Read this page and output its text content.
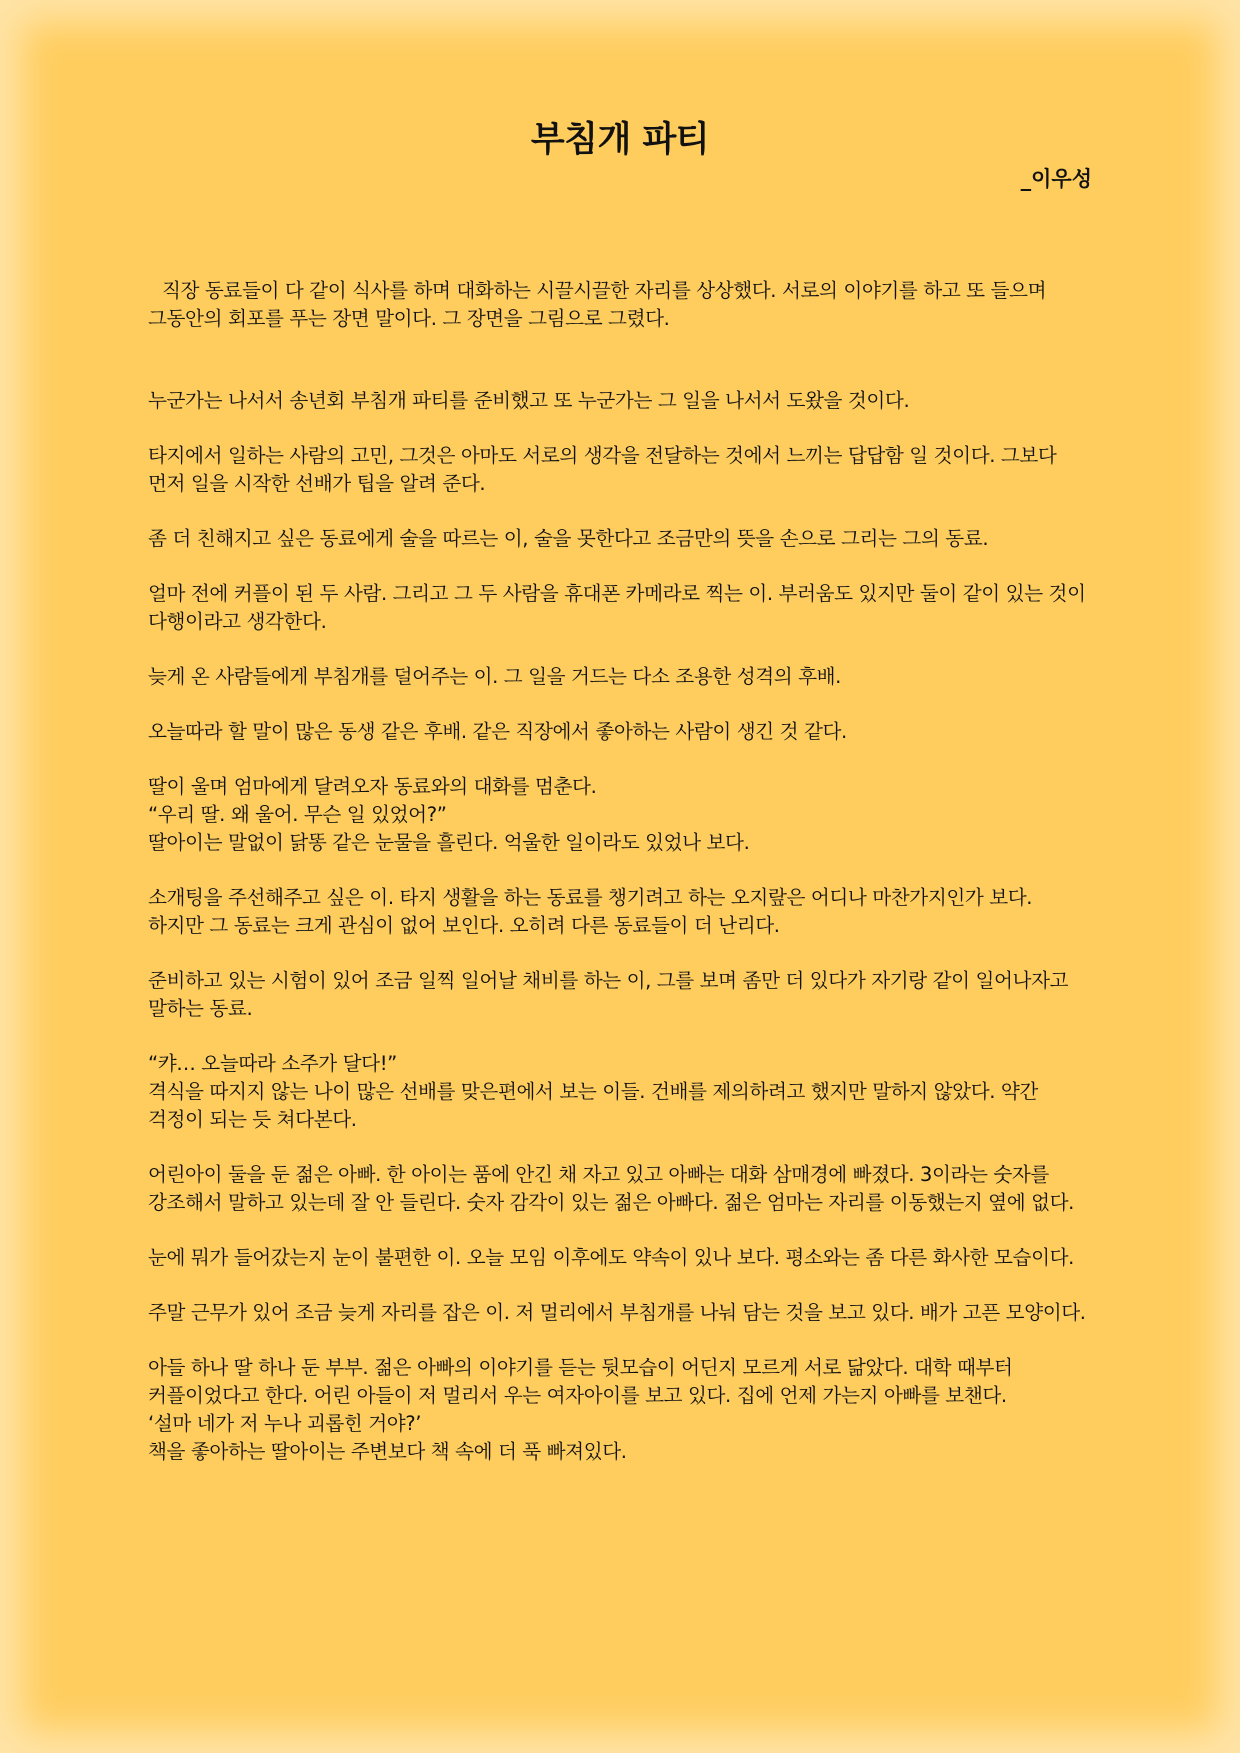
부침개 파티
_이우성

직장 동료들이 다 같이 식사를 하며 대화하는 시끌시끌한 자리를 상상했다. 서로의 이야기를 하고 또 들으며 그동안의 회포를 푸는 장면 말이다. 그 장면을 그림으로 그렸다.

누군가는 나서서 송년회 부침개 파티를 준비했고 또 누군가는 그 일을 나서서 도왔을 것이다.

타지에서 일하는 사람의 고민, 그것은 아마도 서로의 생각을 전달하는 것에서 느끼는 답답함 일 것이다. 그보다 먼저 일을 시작한 선배가 팁을 알려 준다.

좀 더 친해지고 싶은 동료에게 술을 따르는 이, 술을 못한다고 조금만의 뜻을 손으로 그리는 그의 동료.

얼마 전에 커플이 된 두 사람. 그리고 그 두 사람을 휴대폰 카메라로 찍는 이. 부러움도 있지만 둘이 같이 있는 것이 다행이라고 생각한다.

늦게 온 사람들에게 부침개를 덜어주는 이. 그 일을 거드는 다소 조용한 성격의 후배.

오늘따라 할 말이 많은 동생 같은 후배. 같은 직장에서 좋아하는 사람이 생긴 것 같다.

딸이 울며 엄마에게 달려오자 동료와의 대화를 멈춘다.
“우리 딸. 왜 울어. 무슨 일 있었어?”
딸아이는 말없이 닭똥 같은 눈물을 흘린다. 억울한 일이라도 있었나 보다.

소개팅을 주선해주고 싶은 이. 타지 생활을 하는 동료를 챙기려고 하는 오지랖은 어디나 마찬가지인가 보다. 하지만 그 동료는 크게 관심이 없어 보인다. 오히려 다른 동료들이 더 난리다.

준비하고 있는 시험이 있어 조금 일찍 일어날 채비를 하는 이, 그를 보며 좀만 더 있다가 자기랑 같이 일어나자고 말하는 동료.

“캬… 오늘따라 소주가 달다!”
격식을 따지지 않는 나이 많은 선배를 맞은편에서 보는 이들. 건배를 제의하려고 했지만 말하지 않았다. 약간 걱정이 되는 듯 쳐다본다.

어린아이 둘을 둔 젊은 아빠. 한 아이는 품에 안긴 채 자고 있고 아빠는 대화 삼매경에 빠졌다. 3이라는 숫자를 강조해서 말하고 있는데 잘 안 들린다. 숫자 감각이 있는 젊은 아빠다. 젊은 엄마는 자리를 이동했는지 옆에 없다.

눈에 뭐가 들어갔는지 눈이 불편한 이. 오늘 모임 이후에도 약속이 있나 보다. 평소와는 좀 다른 화사한 모습이다.

주말 근무가 있어 조금 늦게 자리를 잡은 이. 저 멀리에서 부침개를 나눠 담는 것을 보고 있다. 배가 고픈 모양이다.

아들 하나 딸 하나 둔 부부. 젊은 아빠의 이야기를 듣는 뒷모습이 어딘지 모르게 서로 닮았다. 대학 때부터 커플이었다고 한다. 어린 아들이 저 멀리서 우는 여자아이를 보고 있다. 집에 언제 가는지 아빠를 보챈다.
‘설마 네가 저 누나 괴롭힌 거야?’
책을 좋아하는 딸아이는 주변보다 책 속에 더 푹 빠져있다.
